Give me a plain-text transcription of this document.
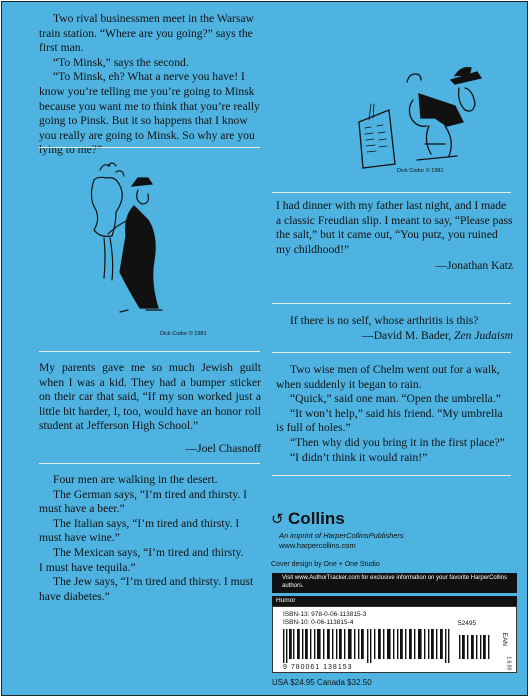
Two rival businessmen meet in the Warsaw train station. “Where are you going?” says the first man.

“To Minsk,” says the second.

“To Minsk, eh? What a nerve you have! I know you’re telling me you’re going to Minsk because you want me to think that you’re really going to Pinsk. But it so happens that I know you really are going to Minsk. So why are you lying to me?”

Dick Codor © 1981
Dick Codor © 1981

I had dinner with my father last night, and I made a classic Freudian slip. I meant to say, “Please pass the salt,” but it came out, “You putz, you ruined my childhood!”

—Jonathan Katz

If there is no self, whose arthritis is this?

—David M. Bader, Zen Judaism

My parents gave me so much Jewish guilt when I was a kid. They had a bumper sticker on their car that said, “If my son worked just a little bit harder, I, too, would have an honor roll student at Jefferson High School.”

—Joel Chasnoff

Two wise men of Chelm went out for a walk, when suddenly it began to rain.

“Quick,” said one man. “Open the umbrella.”

“It won’t help,” said his friend. “My umbrella is full of holes.”

“Then why did you bring it in the first place?”

“I didn’t think it would rain!”

Four men are walking in the desert.

The German says, “I’m tired and thirsty. I must have a beer.”

The Italian says, “I’m tired and thirsty. I must have wine.”

The Mexican says, “I’m tired and thirsty.

I must have tequila.”

The Jew says, “I’m tired and thirsty. I must have diabetes.”

↺ Collins
An imprint of HarperCollinsPublishers
www.harpercollins.com
Cover design by One + One Studio
Visit www.AuthorTracker.com for exclusive information on your favorite HarperCollins authors.
Humor
ISBN-13: 978-0-06-113815-3
ISBN-10: 0-06-113815-4	52495
EAN
1.6.00
9 780061 138153
USA $24.95 Canada $32.50
